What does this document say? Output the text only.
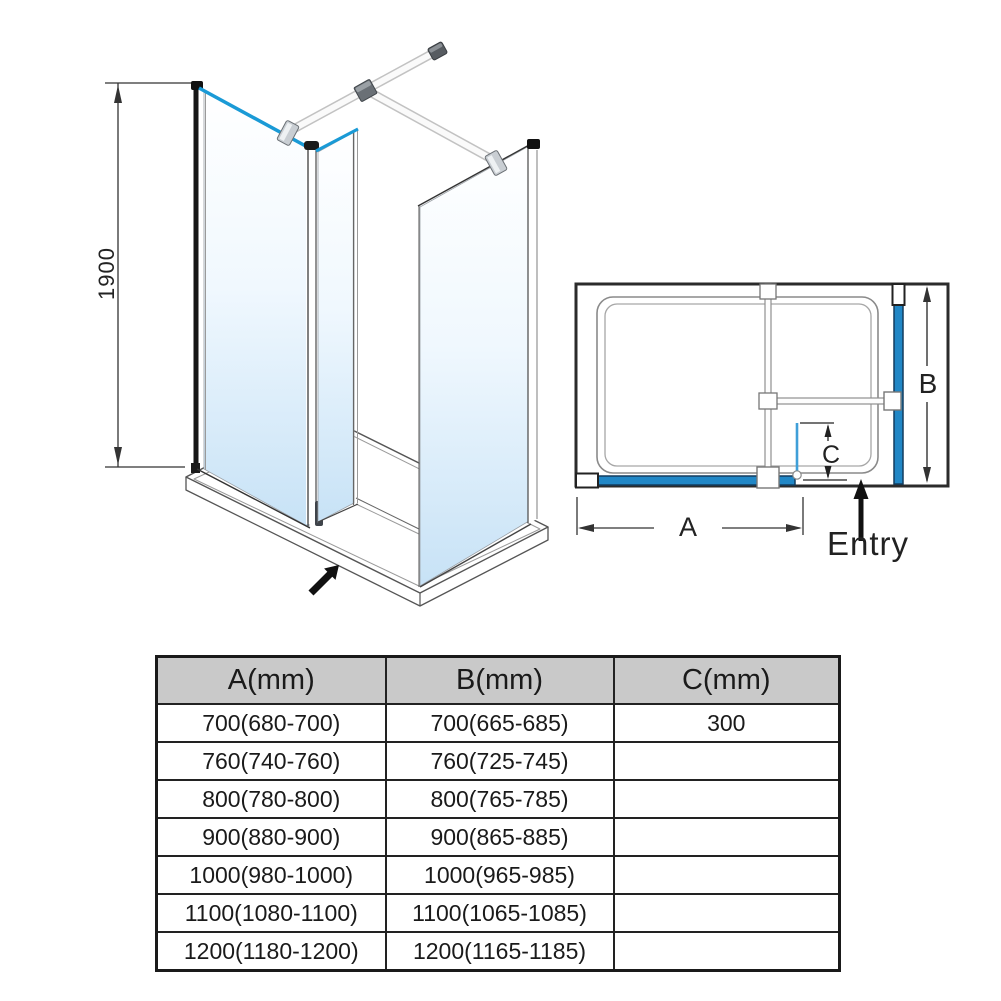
1900
A
B
C
Entry
A(mm)	B(mm)	C(mm)
700(680-700)	700(665-685)	300
760(740-760)	760(725-745)	
800(780-800)	800(765-785)	
900(880-900)	900(865-885)	
1000(980-1000)	1000(965-985)	
1100(1080-1100)	1100(1065-1085)	
1200(1180-1200)	1200(1165-1185)	
